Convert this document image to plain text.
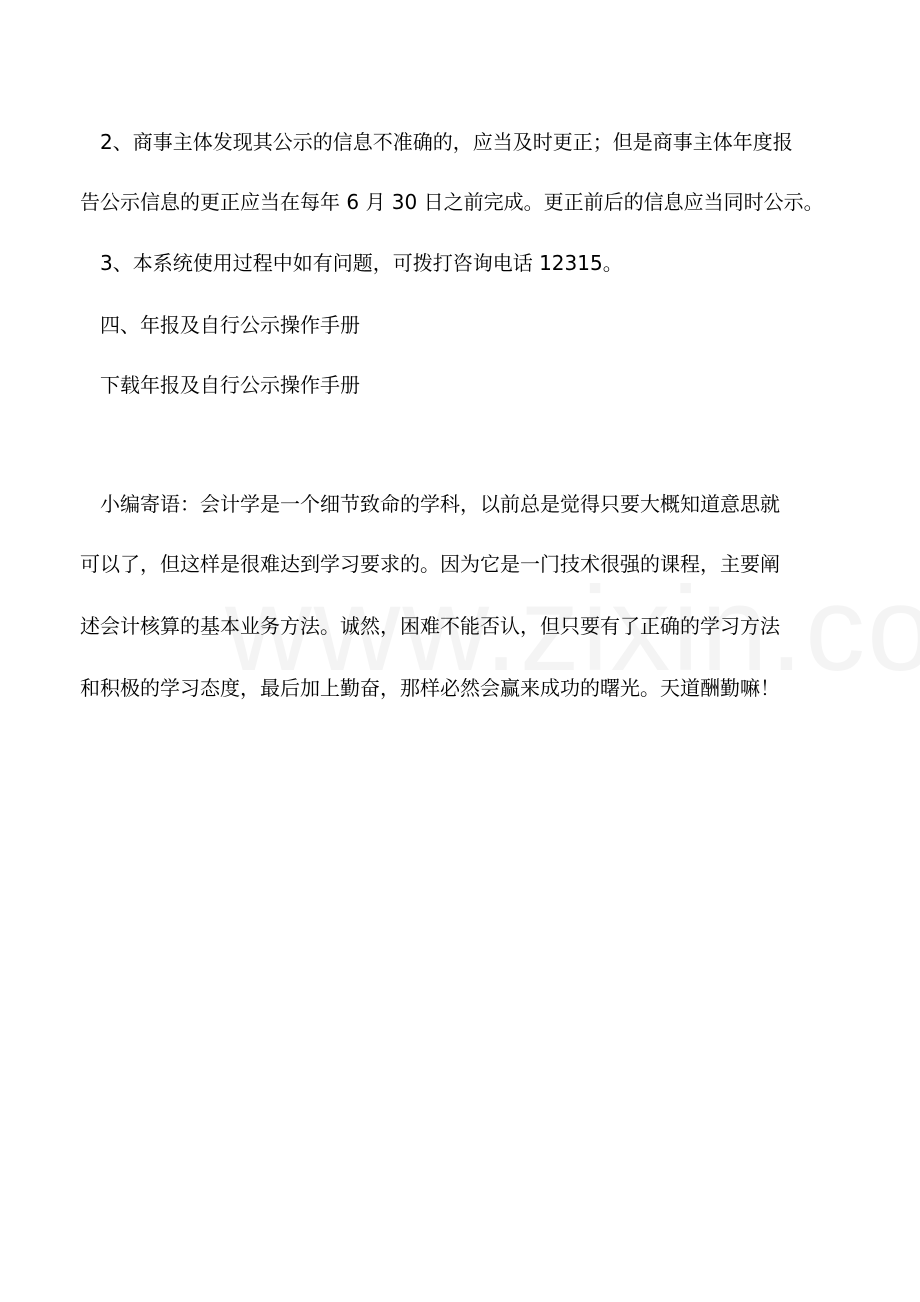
2、商事主体发现其公示的信息不准确的，应当及时更正；但是商事主体年度报
告公示信息的更正应当在每年 6 月 30 日之前完成。更正前后的信息应当同时公示。
3、本系统使用过程中如有问题，可拨打咨询电话 12315。
四、年报及自行公示操作手册
下载年报及自行公示操作手册
小编寄语：会计学是一个细节致命的学科，以前总是觉得只要大概知道意思就
可以了，但这样是很难达到学习要求的。因为它是一门技术很强的课程，主要阐
述会计核算的基本业务方法。诚然，困难不能否认，但只要有了正确的学习方法
和积极的学习态度，最后加上勤奋，那样必然会赢来成功的曙光。天道酬勤嘛！
